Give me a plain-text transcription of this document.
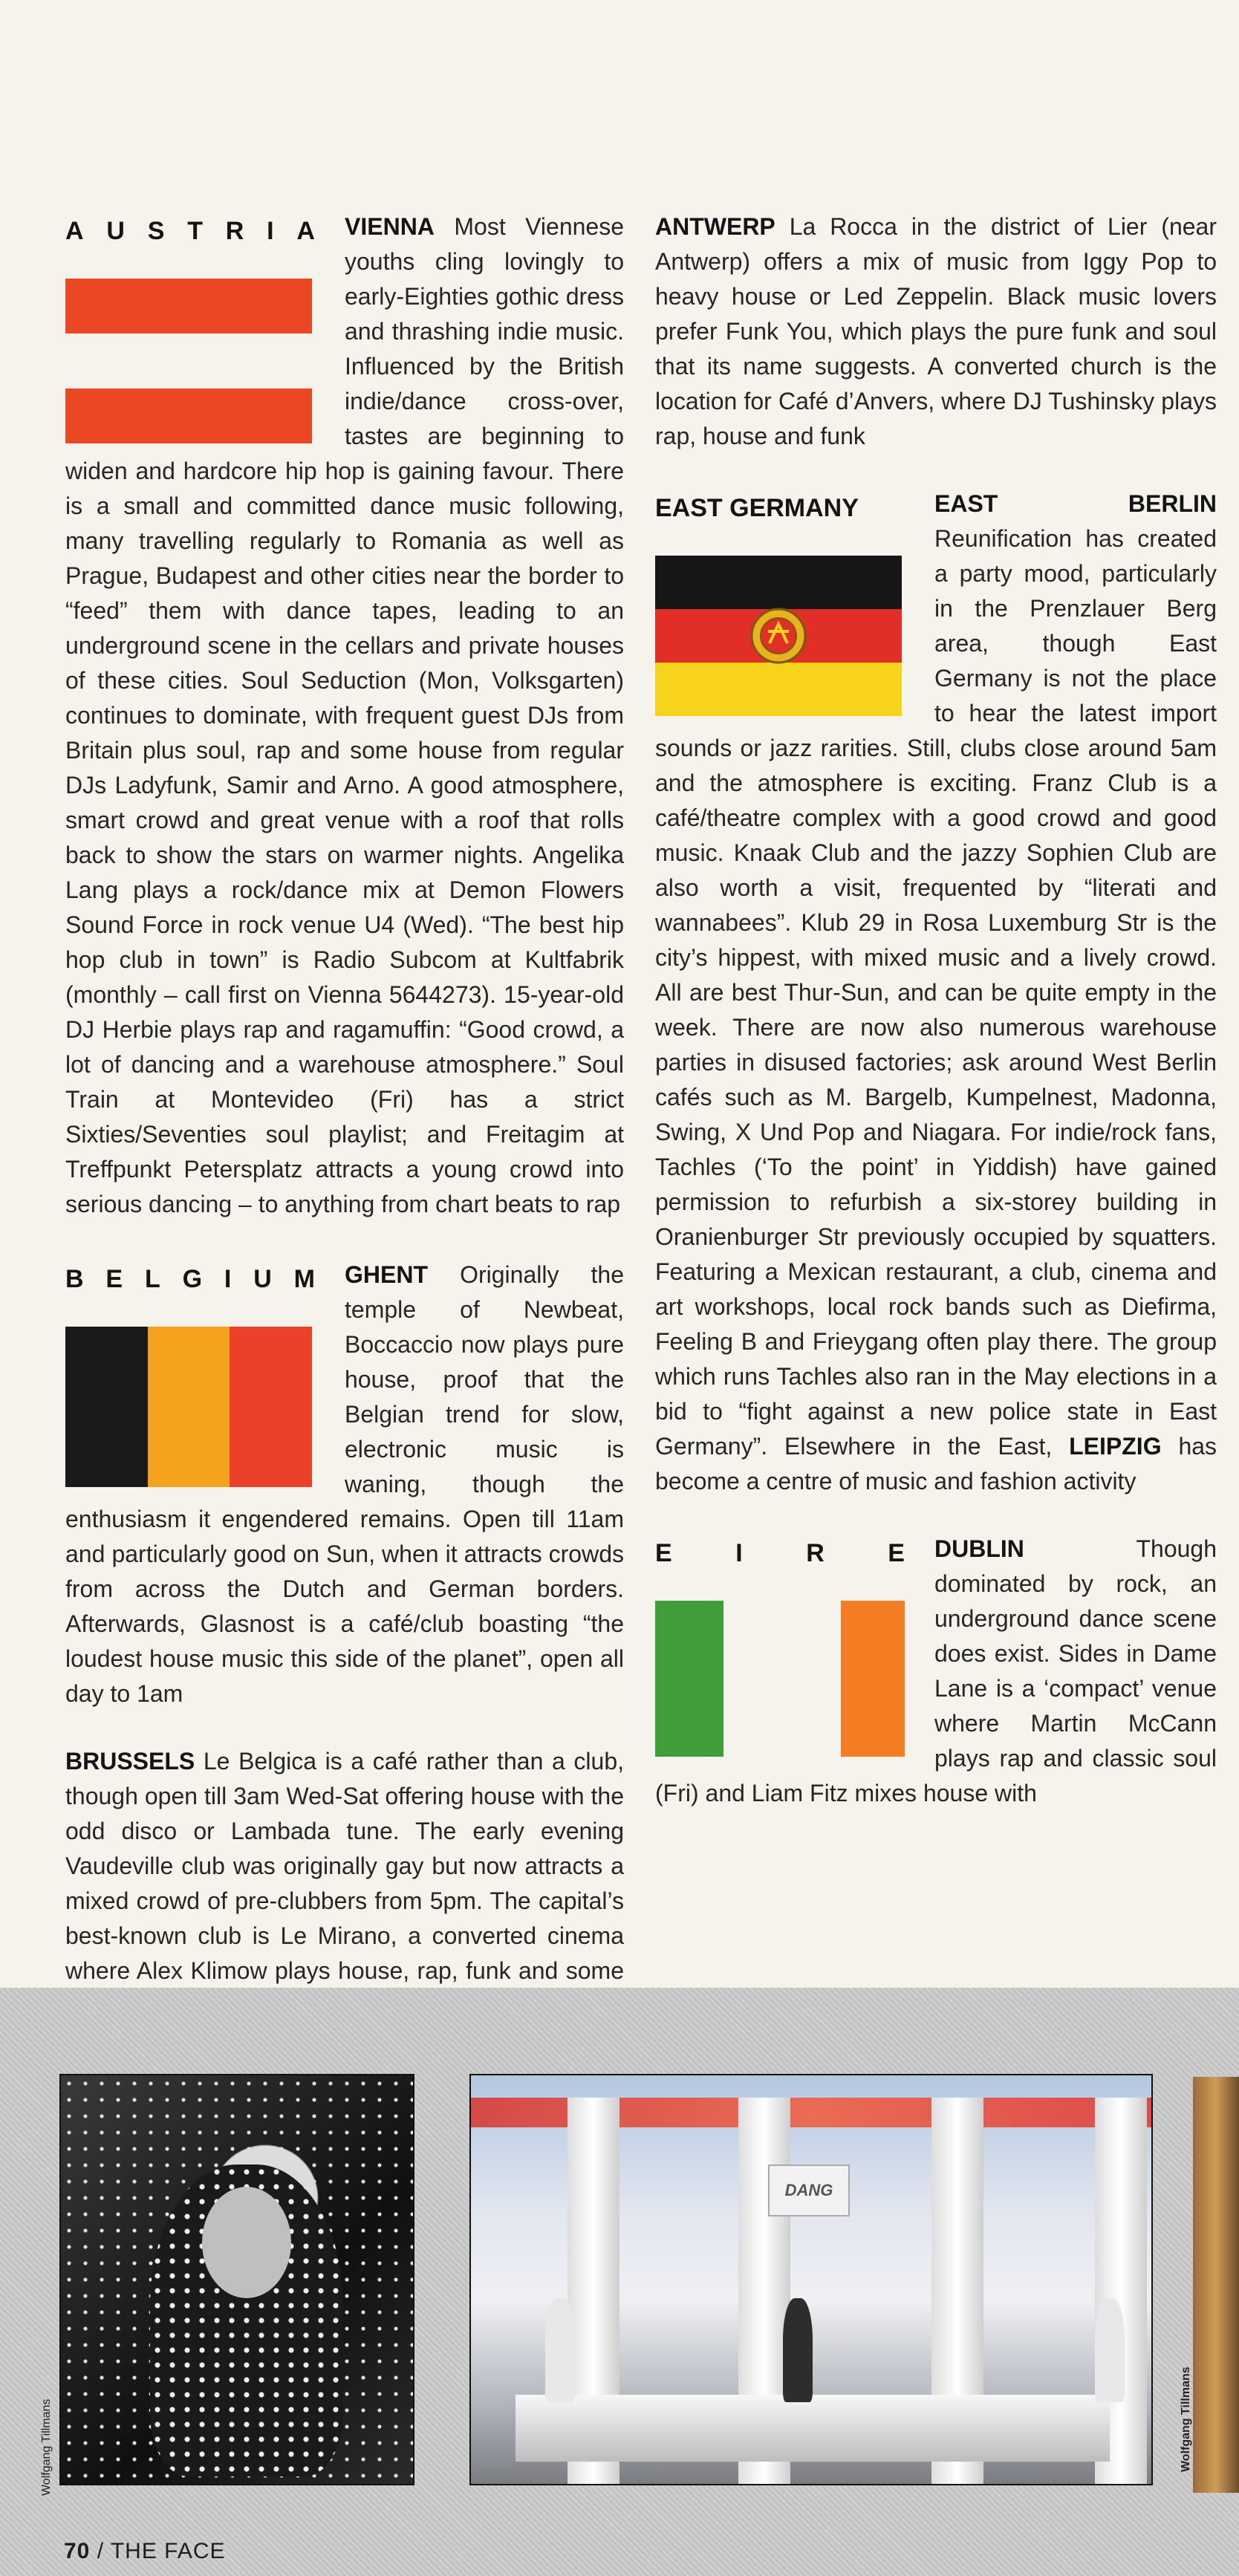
A U S T R I A	VIENNA Most Viennese youths cling lovingly to early-Eighties gothic dress and thrashing indie music. Influenced by the British indie/dance cross-over, tastes are beginning to widen and hardcore hip hop is gaining favour. There is a small and committed dance music following, many travelling regularly to Romania as well as Prague, Budapest and other cities near the border to “feed” them with dance tapes, leading to an underground scene in the cellars and private houses of these cities. Soul Seduction (Mon, Volksgarten) continues to dominate, with frequent guest DJs from Britain plus soul, rap and some house from regular DJs Ladyfunk, Samir and Arno. A good atmosphere, smart crowd and great venue with a roof that rolls back to show the stars on warmer nights. Angelika Lang plays a rock/dance mix at Demon Flowers Sound Force in rock venue U4 (Wed). “The best hip hop club in town” is Radio Subcom at Kultfabrik (monthly – call first on Vienna 5644273). 15-year-old DJ Herbie plays rap and ragamuffin: “Good crowd, a lot of dancing and a warehouse atmosphere.” Soul Train at Montevideo (Fri) has a strict Sixties/Seventies soul playlist; and Freitagim at Treffpunkt Petersplatz attracts a young crowd into serious dancing – to anything from chart beats to rap

B E L G I U M	GHENT Originally the temple of Newbeat, Boccaccio now plays pure house, proof that the Belgian trend for slow, electronic music is waning, though the enthusiasm it engendered remains. Open till 11am and particularly good on Sun, when it attracts crowds from across the Dutch and German borders. Afterwards, Glasnost is a café/club boasting “the loudest house music this side of the planet”, open all day to 1am

BRUSSELS Le Belgica is a café rather than a club, though open till 3am Wed-Sat offering house with the odd disco or Lambada tune. The early evening Vaudeville club was originally gay but now attracts a mixed crowd of pre-clubbers from 5pm. The capital’s best-known club is Le Mirano, a converted cinema where Alex Klimow plays house, rap, funk and some

ANTWERP La Rocca in the district of Lier (near Antwerp) offers a mix of music from Iggy Pop to heavy house or Led Zeppelin. Black music lovers prefer Funk You, which plays the pure funk and soul that its name suggests. A converted church is the location for Café d’Anvers, where DJ Tushinsky plays rap, house and funk

EAST GERMANY	EAST BERLIN Reunification has created a party mood, particularly in the Prenzlauer Berg area, though East Germany is not the place to hear the latest import sounds or jazz rarities. Still, clubs close around 5am and the atmosphere is exciting. Franz Club is a café/theatre complex with a good crowd and good music. Knaak Club and the jazzy Sophien Club are also worth a visit, frequented by “literati and wannabees”. Klub 29 in Rosa Luxemburg Str is the city’s hippest, with mixed music and a lively crowd. All are best Thur-Sun, and can be quite empty in the week. There are now also numerous warehouse parties in disused factories; ask around West Berlin cafés such as M. Bargelb, Kumpelnest, Madonna, Swing, X Und Pop and Niagara. For indie/rock fans, Tachles (‘To the point’ in Yiddish) have gained permission to refurbish a six-storey building in Oranienburger Str previously occupied by squatters. Featuring a Mexican restaurant, a club, cinema and art workshops, local rock bands such as Diefirma, Feeling B and Frieygang often play there. The group which runs Tachles also ran in the May elections in a bid to “fight against a new police state in East Germany”. Elsewhere in the East, LEIPZIG has become a centre of music and fashion activity

E	I	R	E	DUBLIN	Though dominated by rock, an underground dance scene does exist. Sides in Dame Lane is a ‘compact’ venue where Martin McCann plays rap and classic soul (Fri) and Liam Fitz mixes house with

DANG
Wolfgang Tillmans	Wolfgang Tillmans
70 / THE FACE
